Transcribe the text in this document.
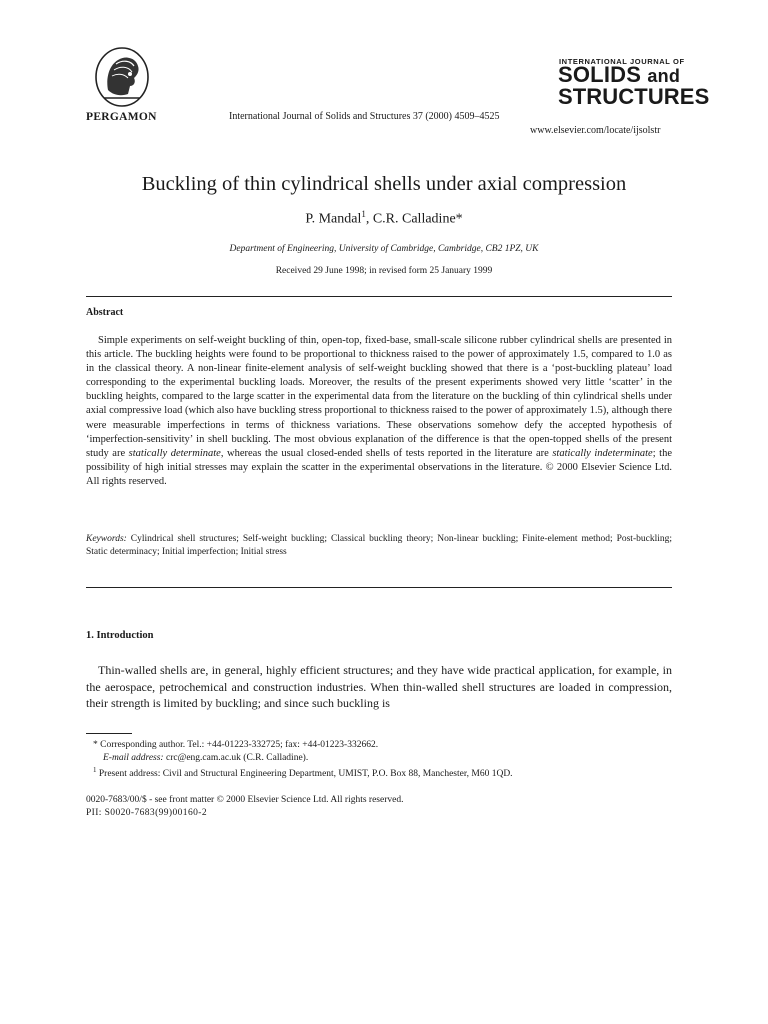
PERGAMON	International Journal of Solids and Structures 37 (2000) 4509–4525
INTERNATIONAL JOURNAL OF
SOLIDS and
STRUCTURES
www.elsevier.com/locate/ijsolstr
Buckling of thin cylindrical shells under axial compression
P. Mandal$^1$, C.R. Calladine*
Department of Engineering, University of Cambridge, Cambridge, CB2 1PZ, UK
Received 29 June 1998; in revised form 25 January 1999
Abstract
Simple experiments on self-weight buckling of thin, open-top, fixed-base, small-scale silicone rubber cylindrical shells are presented in this article. The buckling heights were found to be proportional to thickness raised to the power of approximately 1.5, compared to 1.0 as in the classical theory. A non-linear finite-element analysis of self-weight buckling showed that there is a ‘post-buckling plateau’ load corresponding to the experimental buckling loads. Moreover, the results of the present experiments showed very little ‘scatter’ in the buckling heights, compared to the large scatter in the experimental data from the literature on the buckling of thin cylindrical shells under axial compressive load (which also have buckling stress proportional to thickness raised to the power of approximately 1.5), although there were measurable imperfections in terms of thickness variations. These observations somehow defy the accepted hypothesis of ‘imperfection-sensitivity’ in shell buckling. The most obvious explanation of the difference is that the open-topped shells of the present study are statically determinate, whereas the usual closed-ended shells of tests reported in the literature are statically indeterminate; the possibility of high initial stresses may explain the scatter in the experimental observations in the literature. © 2000 Elsevier Science Ltd. All rights reserved.
Keywords: Cylindrical shell structures; Self-weight buckling; Classical buckling theory; Non-linear buckling; Finite-element method; Post-buckling; Static determinacy; Initial imperfection; Initial stress
1. Introduction
Thin-walled shells are, in general, highly efficient structures; and they have wide practical application, for example, in the aerospace, petrochemical and construction industries. When thin-walled shell structures are loaded in compression, their strength is limited by buckling; and since such buckling is
* Corresponding author. Tel.: +44-01223-332725; fax: +44-01223-332662.
E-mail address: crc@eng.cam.ac.uk (C.R. Calladine).
$^1$ Present address: Civil and Structural Engineering Department, UMIST, P.O. Box 88, Manchester, M60 1QD.
0020-7683/00/$ - see front matter © 2000 Elsevier Science Ltd. All rights reserved.
PII: S0020-7683(99)00160-2
